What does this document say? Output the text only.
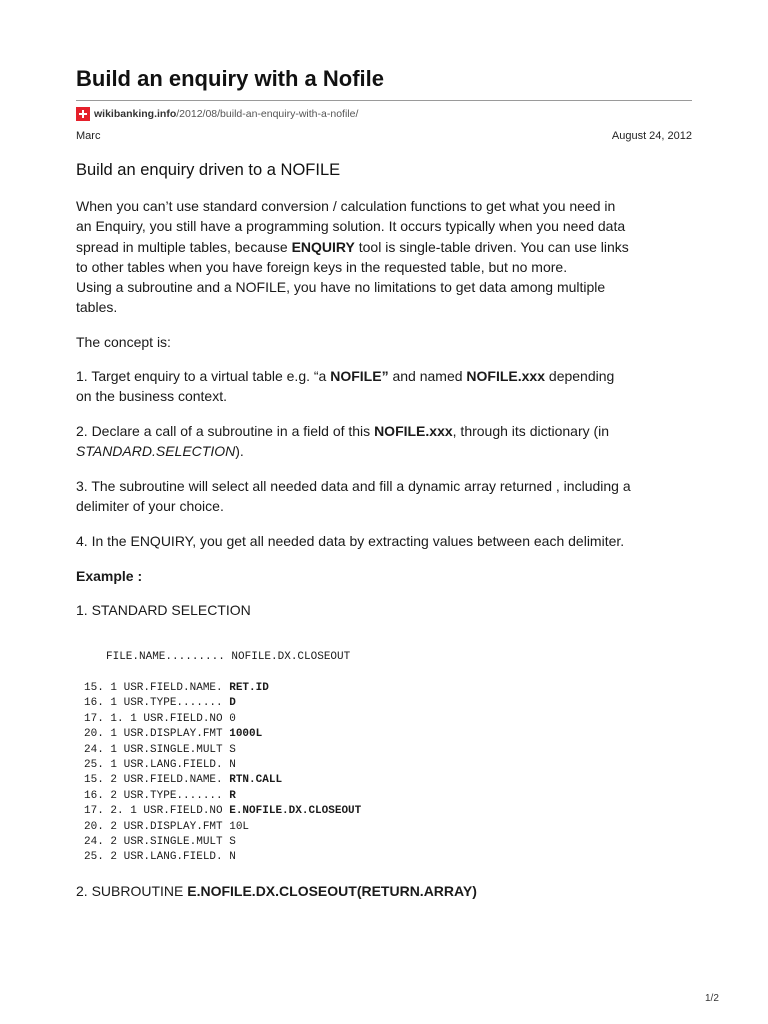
Build an enquiry with a Nofile
wikibanking.info /2012/08/build-an-enquiry-with-a-nofile/
Marc	August 24, 2012
Build an enquiry driven to a NOFILE
When you can’t use standard conversion / calculation functions to get what you need in
an Enquiry, you still have a programming solution. It occurs typically when you need data
spread in multiple tables, because ENQUIRY tool is single-table driven. You can use links
to other tables when you have foreign keys in the requested table, but no more.
Using a subroutine and a NOFILE, you have no limitations to get data among multiple
tables.
The concept is:
1. Target enquiry to a virtual table e.g. “a NOFILE” and named NOFILE.xxx depending
on the business context.
2. Declare a call of a subroutine in a field of this NOFILE.xxx, through its dictionary (in
STANDARD.SELECTION).
3. The subroutine will select all needed data and fill a dynamic array returned , including a
delimiter of your choice.
4. In the ENQUIRY, you get all needed data by extracting values between each delimiter.
Example :
1. STANDARD SELECTION
FILE.NAME......... NOFILE.DX.CLOSEOUT
15. 1 USR.FIELD.NAME. RET.ID
16. 1 USR.TYPE....... D
17. 1. 1 USR.FIELD.NO 0
20. 1 USR.DISPLAY.FMT 1000L
24. 1 USR.SINGLE.MULT S
25. 1 USR.LANG.FIELD. N
15. 2 USR.FIELD.NAME. RTN.CALL
16. 2 USR.TYPE....... R
17. 2. 1 USR.FIELD.NO E.NOFILE.DX.CLOSEOUT
20. 2 USR.DISPLAY.FMT 10L
24. 2 USR.SINGLE.MULT S
25. 2 USR.LANG.FIELD. N
2. SUBROUTINE E.NOFILE.DX.CLOSEOUT(RETURN.ARRAY)
1/2
